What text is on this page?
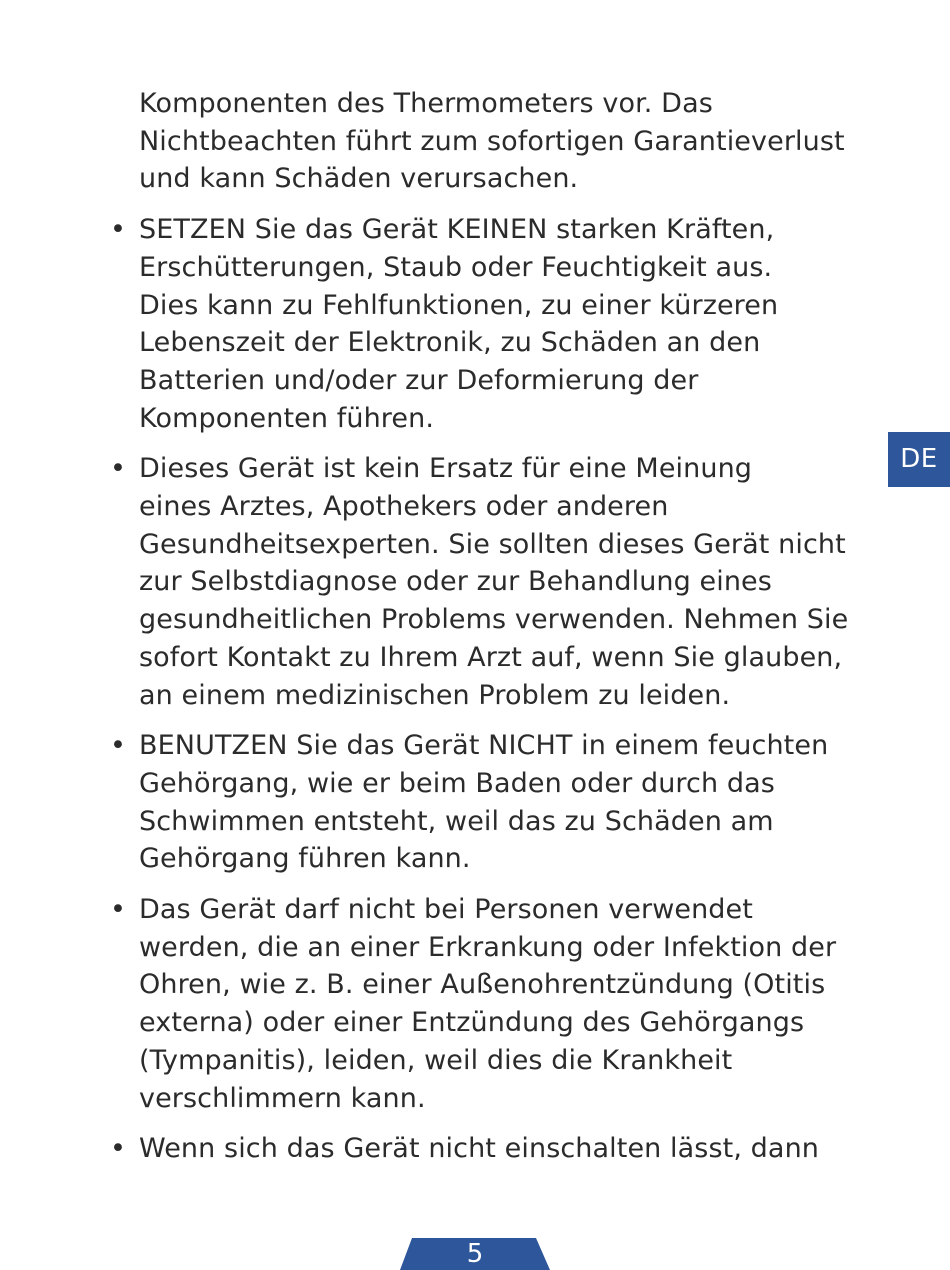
Komponenten des Thermometers vor. Das
Nichtbeachten führt zum sofortigen Garantieverlust
und kann Schäden verursachen.
• SETZEN Sie das Gerät KEINEN starken Kräften,
Erschütterungen, Staub oder Feuchtigkeit aus.
Dies kann zu Fehlfunktionen, zu einer kürzeren
Lebenszeit der Elektronik, zu Schäden an den
Batterien und/oder zur Deformierung der
Komponenten führen.
• Dieses Gerät ist kein Ersatz für eine Meinung
eines Arztes, Apothekers oder anderen
Gesundheitsexperten. Sie sollten dieses Gerät nicht
zur Selbstdiagnose oder zur Behandlung eines
gesundheitlichen Problems verwenden. Nehmen Sie
sofort Kontakt zu Ihrem Arzt auf, wenn Sie glauben,
an einem medizinischen Problem zu leiden.
• BENUTZEN Sie das Gerät NICHT in einem feuchten
Gehörgang, wie er beim Baden oder durch das
Schwimmen entsteht, weil das zu Schäden am
Gehörgang führen kann.
• Das Gerät darf nicht bei Personen verwendet
werden, die an einer Erkrankung oder Infektion der
Ohren, wie z. B. einer Außenohrentzündung (Otitis
externa) oder einer Entzündung des Gehörgangs
(Tympanitis), leiden, weil dies die Krankheit
verschlimmern kann.
• Wenn sich das Gerät nicht einschalten lässt, dann
DE
5
